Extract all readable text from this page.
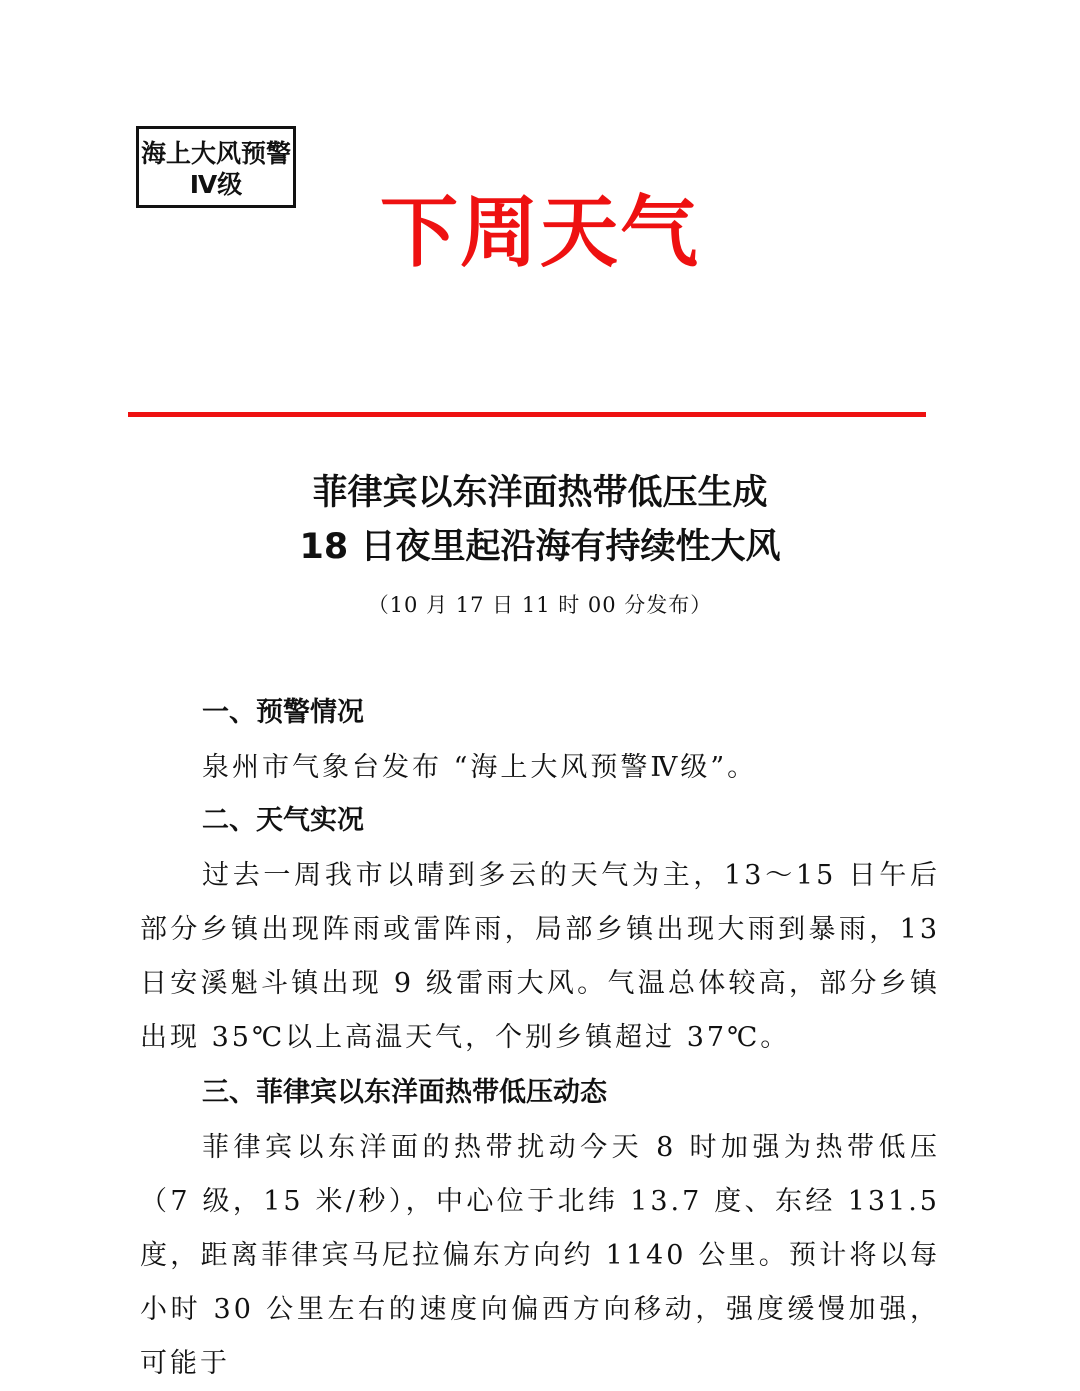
海上大风预警
Ⅳ级
下周天气
菲律宾以东洋面热带低压生成
18 日夜里起沿海有持续性大风
（10 月 17 日 11 时 00 分发布）
一、预警情况
泉州市气象台发布 “海上大风预警Ⅳ级”。
二、天气实况
过去一周我市以晴到多云的天气为主，13～15 日午后部分乡镇出现阵雨或雷阵雨，局部乡镇出现大雨到暴雨，13 日安溪魁斗镇出现 9 级雷雨大风。气温总体较高，部分乡镇出现 35℃以上高温天气，个别乡镇超过 37℃。
三、菲律宾以东洋面热带低压动态
菲律宾以东洋面的热带扰动今天 8 时加强为热带低压（7 级，15 米/秒），中心位于北纬 13.7 度、东经 131.5 度，距离菲律宾马尼拉偏东方向约 1140 公里。预计将以每小时 30 公里左右的速度向偏西方向移动，强度缓慢加强，可能于
